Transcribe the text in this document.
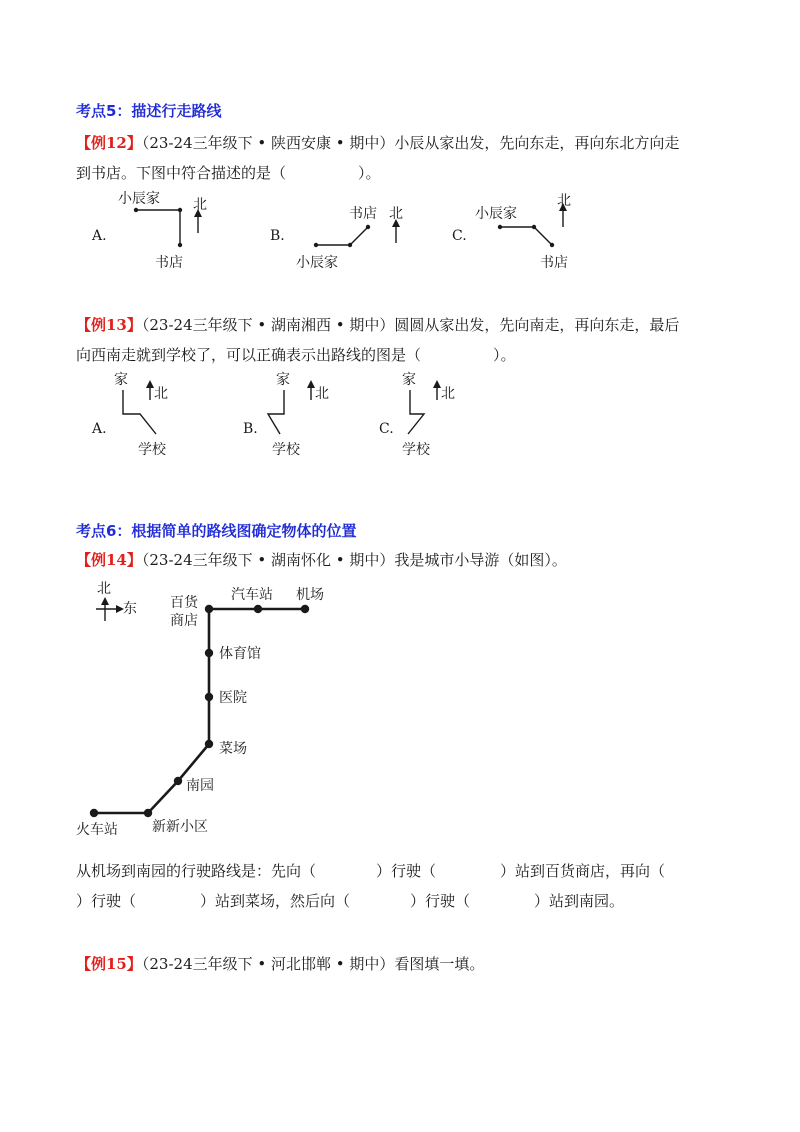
考点5：描述行走路线
【例12】（23-24三年级下 • 陕西安康 • 期中）小辰从家出发，先向东走，再向东北方向走
到书店。下图中符合描述的是（	）。
A.
小辰家
书店
北
B.
书店
小辰家
北
C.
小辰家
书店
北
【例13】（23-24三年级下 • 湖南湘西 • 期中）圆圆从家出发，先向南走，再向东走，最后
向西南走就到学校了，可以正确表示出路线的图是（	）。
A.
家
学校
北
B.
家
学校
北
C.
家
学校
北
考点6：根据简单的路线图确定物体的位置
【例14】（23-24三年级下 • 湖南怀化 • 期中）我是城市小导游（如图）。
北
东
机场
汽车站
百货
商店
体育馆
医院
菜场
南园
新新小区
火车站
从机场到南园的行驶路线是：先向（	）行驶（	）站到百货商店，再向（
）行驶（	）站到菜场，然后向（	）行驶（	）站到南园。
【例15】（23-24三年级下 • 河北邯郸 • 期中）看图填一填。
